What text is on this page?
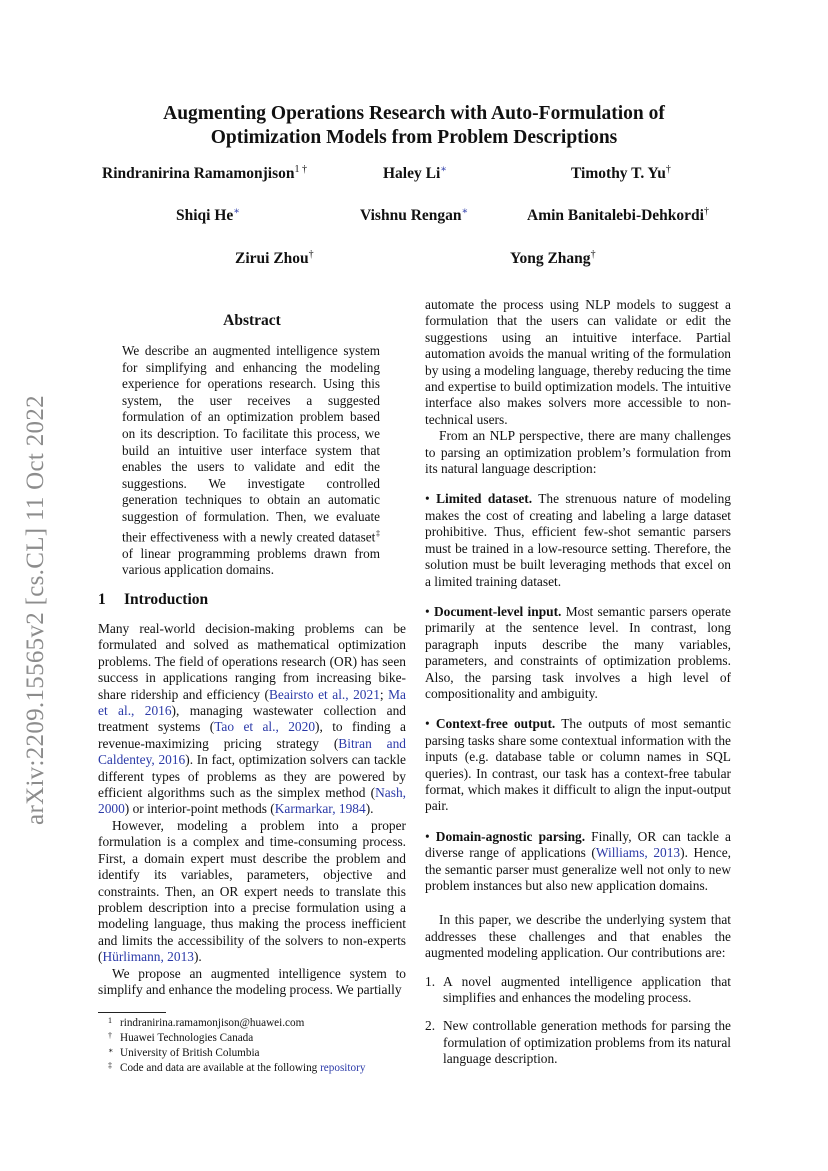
arXiv:2209.15565v2 [cs.CL] 11 Oct 2022
Augmenting Operations Research with Auto-Formulation of
Optimization Models from Problem Descriptions
Rindranirina Ramamonjison$^{1 \dagger}$	Haley Li∗	Timothy T. Yu†
Shiqi He∗	Vishnu Rengan∗	Amin Banitalebi-Dehkordi†
Zirui Zhou†	Yong Zhang†
Abstract
We describe an augmented intelligence system for simplifying and enhancing the modeling experience for operations research. Using this system, the user receives a suggested formulation of an optimization problem based on its description. To facilitate this process, we build an intuitive user interface system that enables the users to validate and edit the suggestions. We investigate controlled generation techniques to obtain an automatic suggestion of formulation. Then, we evaluate their effectiveness with a newly created dataset‡ of linear programming problems drawn from various application domains.
1 Introduction

Many real-world decision-making problems can be formulated and solved as mathematical optimization problems. The field of operations research (OR) has seen success in applications ranging from increasing bike-share ridership and efficiency (Beairsto et al., 2021; Ma et al., 2016), managing wastewater collection and treatment systems (Tao et al., 2020), to finding a revenue-maximizing pricing strategy (Bitran and Caldentey, 2016). In fact, optimization solvers can tackle different types of problems as they are powered by efficient algorithms such as the simplex method (Nash, 2000) or interior-point methods (Karmarkar, 1984).

However, modeling a problem into a proper formulation is a complex and time-consuming process. First, a domain expert must describe the problem and identify its variables, parameters, objective and constraints. Then, an OR expert needs to translate this problem description into a precise formulation using a modeling language, thus making the process inefficient and limits the accessibility of the solvers to non-experts (Hürlimann, 2013).

We propose an augmented intelligence system to simplify and enhance the modeling process. We partially

1 rindranirina.ramamonjison@huawei.com
† Huawei Technologies Canada
∗ University of British Columbia
‡ Code and data are available at the following repository

automate the process using NLP models to suggest a formulation that the users can validate or edit the suggestions using an intuitive interface. Partial automation avoids the manual writing of the formulation by using a modeling language, thereby reducing the time and expertise to build optimization models. The intuitive interface also makes solvers more accessible to non-technical users.

From an NLP perspective, there are many challenges to parsing an optimization problem’s formulation from its natural language description:

• Limited dataset. The strenuous nature of modeling makes the cost of creating and labeling a large dataset prohibitive. Thus, efficient few-shot semantic parsers must be trained in a low-resource setting. Therefore, the solution must be built leveraging methods that excel on a limited training dataset.

• Document-level input. Most semantic parsers operate primarily at the sentence level. In contrast, long paragraph inputs describe the many variables, parameters, and constraints of optimization problems. Also, the parsing task involves a high level of compositionality and ambiguity.

• Context-free output. The outputs of most semantic parsing tasks share some contextual information with the inputs (e.g. database table or column names in SQL queries). In contrast, our task has a context-free tabular format, which makes it difficult to align the input-output pair.

• Domain-agnostic parsing. Finally, OR can tackle a diverse range of applications (Williams, 2013). Hence, the semantic parser must generalize well not only to new problem instances but also new application domains.

In this paper, we describe the underlying system that addresses these challenges and that enables the augmented modeling application. Our contributions are:

1. A novel augmented intelligence application that simplifies and enhances the modeling process.
2. New controllable generation methods for parsing the formulation of optimization problems from its natural language description.
